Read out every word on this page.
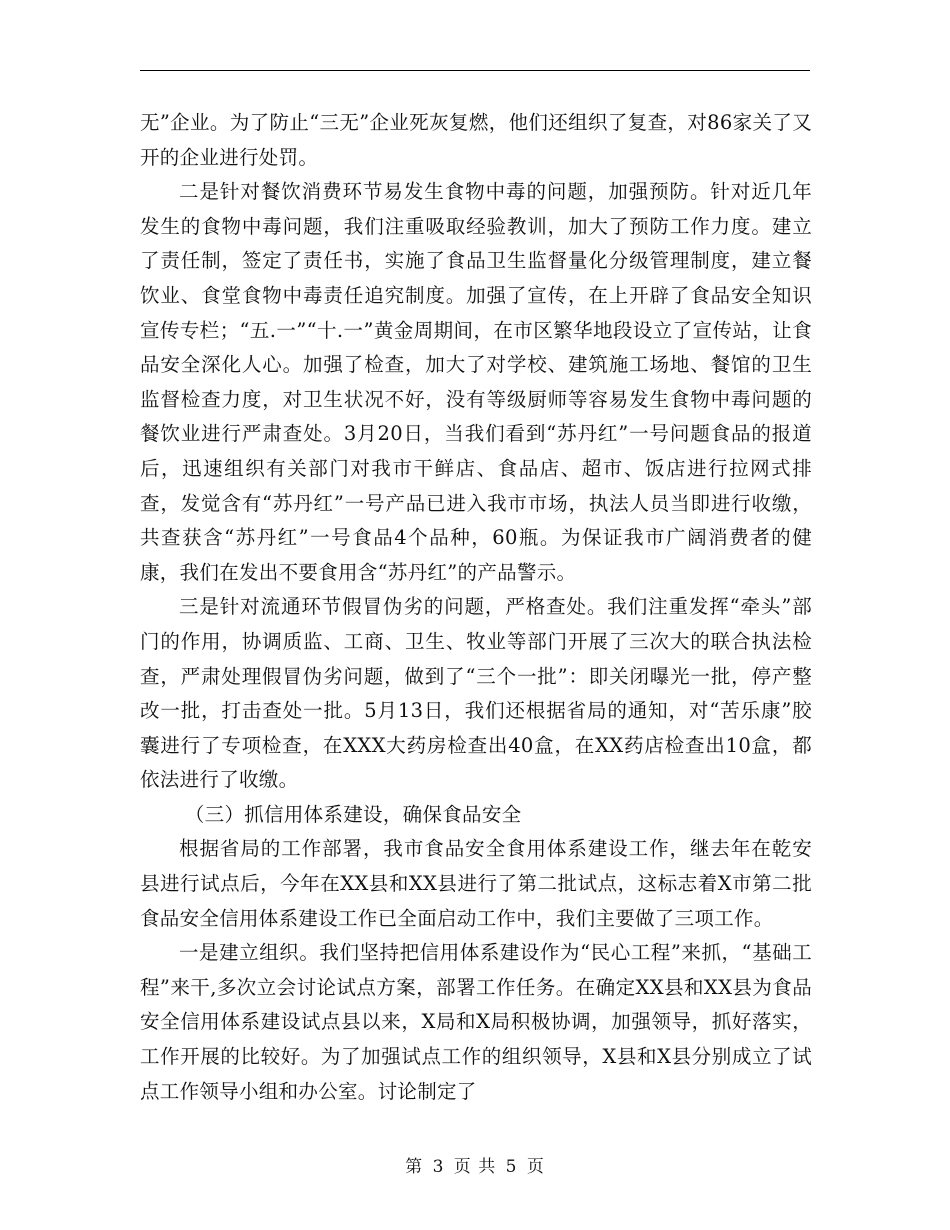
无”企业。为了防止“三无”企业死灰复燃，他们还组织了复查，对86家关了又开的企业进行处罚。

二是针对餐饮消费环节易发生食物中毒的问题，加强预防。针对近几年发生的食物中毒问题，我们注重吸取经验教训，加大了预防工作力度。建立了责任制，签定了责任书，实施了食品卫生监督量化分级管理制度，建立餐饮业、食堂食物中毒责任追究制度。加强了宣传，在上开辟了食品安全知识宣传专栏；“五.一”“十.一”黄金周期间，在市区繁华地段设立了宣传站，让食品安全深化人心。加强了检查，加大了对学校、建筑施工场地、餐馆的卫生监督检查力度，对卫生状况不好，没有等级厨师等容易发生食物中毒问题的餐饮业进行严肃查处。3月20日，当我们看到“苏丹红”一号问题食品的报道后，迅速组织有关部门对我市干鲜店、食品店、超市、饭店进行拉网式排查，发觉含有“苏丹红”一号产品已进入我市市场，执法人员当即进行收缴，共查获含“苏丹红”一号食品4个品种，60瓶。为保证我市广阔消费者的健康，我们在发出不要食用含“苏丹红”的产品警示。

三是针对流通环节假冒伪劣的问题，严格查处。我们注重发挥“牵头”部门的作用，协调质监、工商、卫生、牧业等部门开展了三次大的联合执法检查，严肃处理假冒伪劣问题，做到了“三个一批”：即关闭曝光一批，停产整改一批，打击查处一批。5月13日，我们还根据省局的通知，对“苦乐康”胶囊进行了专项检查，在XXX大药房检查出40盒，在XX药店检查出10盒，都依法进行了收缴。

（三）抓信用体系建设，确保食品安全

根据省局的工作部署，我市食品安全食用体系建设工作，继去年在乾安县进行试点后，今年在XX县和XX县进行了第二批试点，这标志着X市第二批食品安全信用体系建设工作已全面启动工作中，我们主要做了三项工作。

一是建立组织。我们坚持把信用体系建设作为“民心工程”来抓，“基础工程”来干,多次立会讨论试点方案，部署工作任务。在确定XX县和XX县为食品安全信用体系建设试点县以来，X局和X局积极协调，加强领导，抓好落实，工作开展的比较好。为了加强试点工作的组织领导，X县和X县分别成立了试点工作领导小组和办公室。讨论制定了

第 3 页 共 5 页
